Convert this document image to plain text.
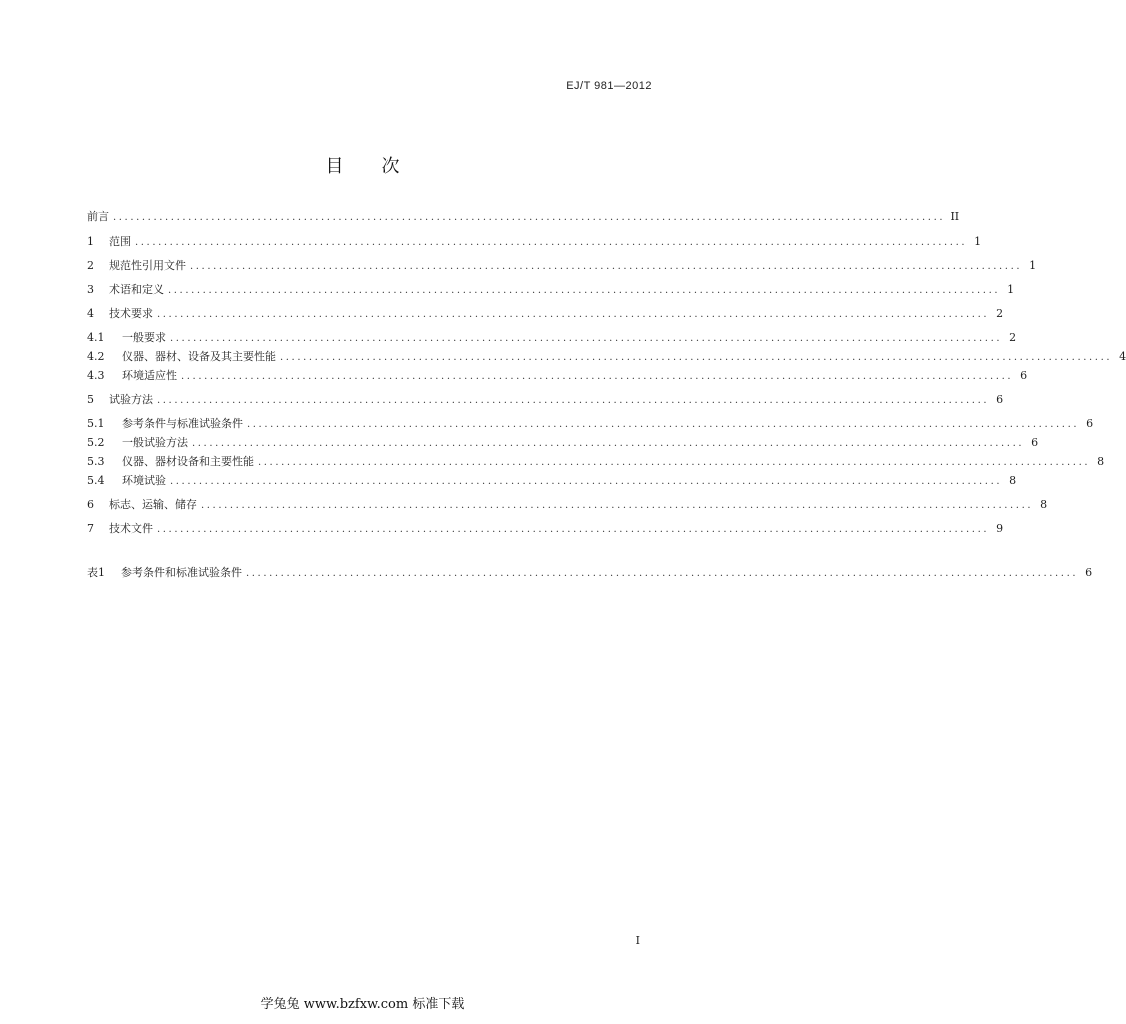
EJ/T 981—2012
目次
前言 ................................................................................................................................................ II
1	范围 ................................................................................................................................................ 1
2	规范性引用文件 ................................................................................................................................................ 1
3	术语和定义 ................................................................................................................................................ 1
4	技术要求 ................................................................................................................................................ 2
4.1	一般要求 ................................................................................................................................................ 2
4.2	仪器、器材、设备及其主要性能 ................................................................................................................................................ 4
4.3	环境适应性 ................................................................................................................................................ 6
5	试验方法 ................................................................................................................................................ 6
5.1	参考条件与标准试验条件 ................................................................................................................................................ 6
5.2	一般试验方法 ................................................................................................................................................ 6
5.3	仪器、器材设备和主要性能 ................................................................................................................................................ 8
5.4	环境试验 ................................................................................................................................................ 8
6	标志、运输、储存 ................................................................................................................................................ 8
7	技术文件 ................................................................................................................................................ 9
表1	参考条件和标准试验条件 ................................................................................................................................................ 6
I
学兔兔 www.bzfxw.com 标准下载
